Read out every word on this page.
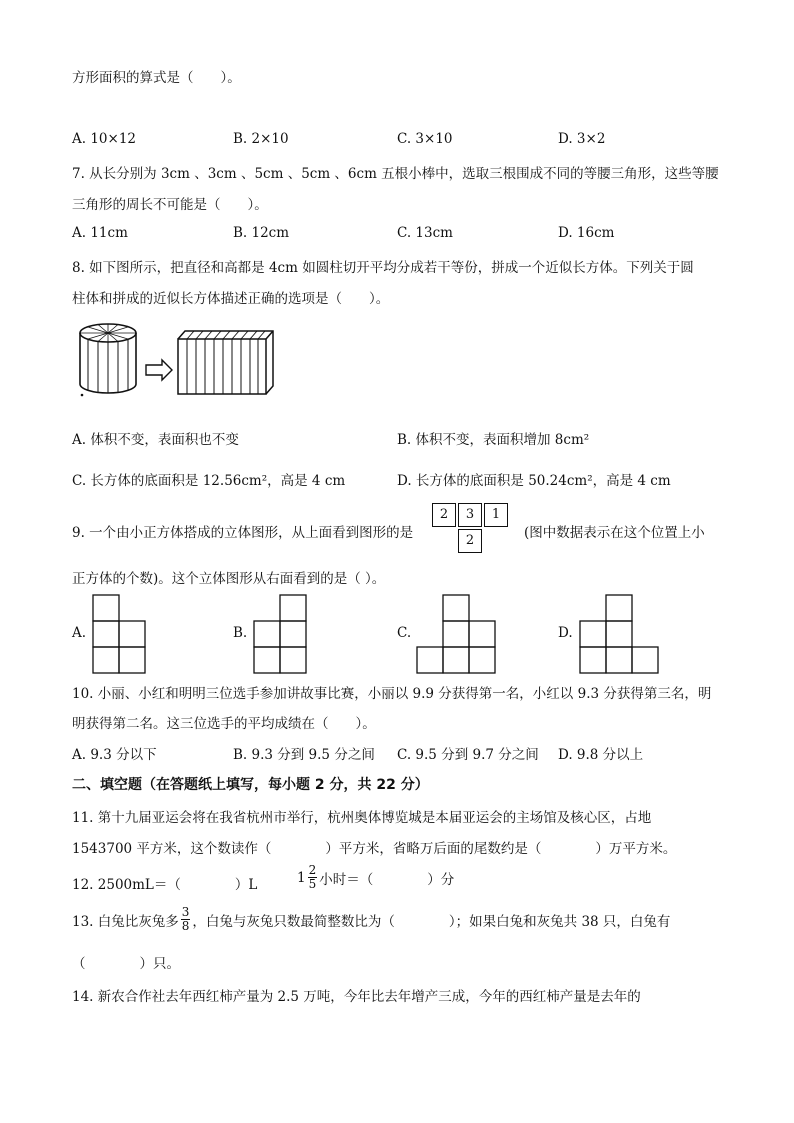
方形面积的算式是（　　）。
A. 10×12	B. 2×10	C. 3×10	D. 3×2
7. 从长分别为 3cm 、3cm 、5cm 、5cm 、6cm 五根小棒中，选取三根围成不同的等腰三角形，这些等腰
三角形的周长不可能是（　　）。
A. 11cm	B. 12cm	C. 13cm	D. 16cm
8. 如下图所示，把直径和高都是 4cm 如圆柱切开平均分成若干等份，拼成一个近似长方体。下列关于圆
柱体和拼成的近似长方体描述正确的选项是（　　）。
A. 体积不变，表面积也不变	B. 体积不变，表面积增加 8cm²
C. 长方体的底面积是 12.56cm²，高是 4 cm	D. 长方体的底面积是 50.24cm²，高是 4 cm
9. 一个由小正方体搭成的立体图形，从上面看到图形的是
2	3	1
2	(图中数据表示在这个位置上小
正方体的个数)。这个立体图形从右面看到的是（ ）。
A.	B.	C.	D.
10. 小丽、小红和明明三位选手参加讲故事比赛，小丽以 9.9 分获得第一名，小红以 9.3 分获得第三名，明
明获得第二名。这三位选手的平均成绩在（　　）。
A. 9.3 分以下	B. 9.3 分到 9.5 分之间 C. 9.5 分到 9.7 分之间 D. 9.8 分以上
二、填空题（在答题纸上填写，每小题 2 分，共 22 分）
11. 第十九届亚运会将在我省杭州市举行，杭州奥体博览城是本届亚运会的主场馆及核心区，占地
1543700 平方米，这个数读作（　　　　）平方米，省略万后面的尾数约是（　　　　）万平方米。
12. 2500mL＝（　　　　）L	$1 \frac{2}{5}$ 小时＝（　　　　）分
13. 白兔比灰兔多 $\frac{3}{8}$ ，白兔与灰兔只数最简整数比为（　　　　）；如果白兔和灰兔共 38 只，白兔有
（　　　　）只。
14. 新农合作社去年西红柿产量为 2.5 万吨，今年比去年增产三成，今年的西红柿产量是去年的
